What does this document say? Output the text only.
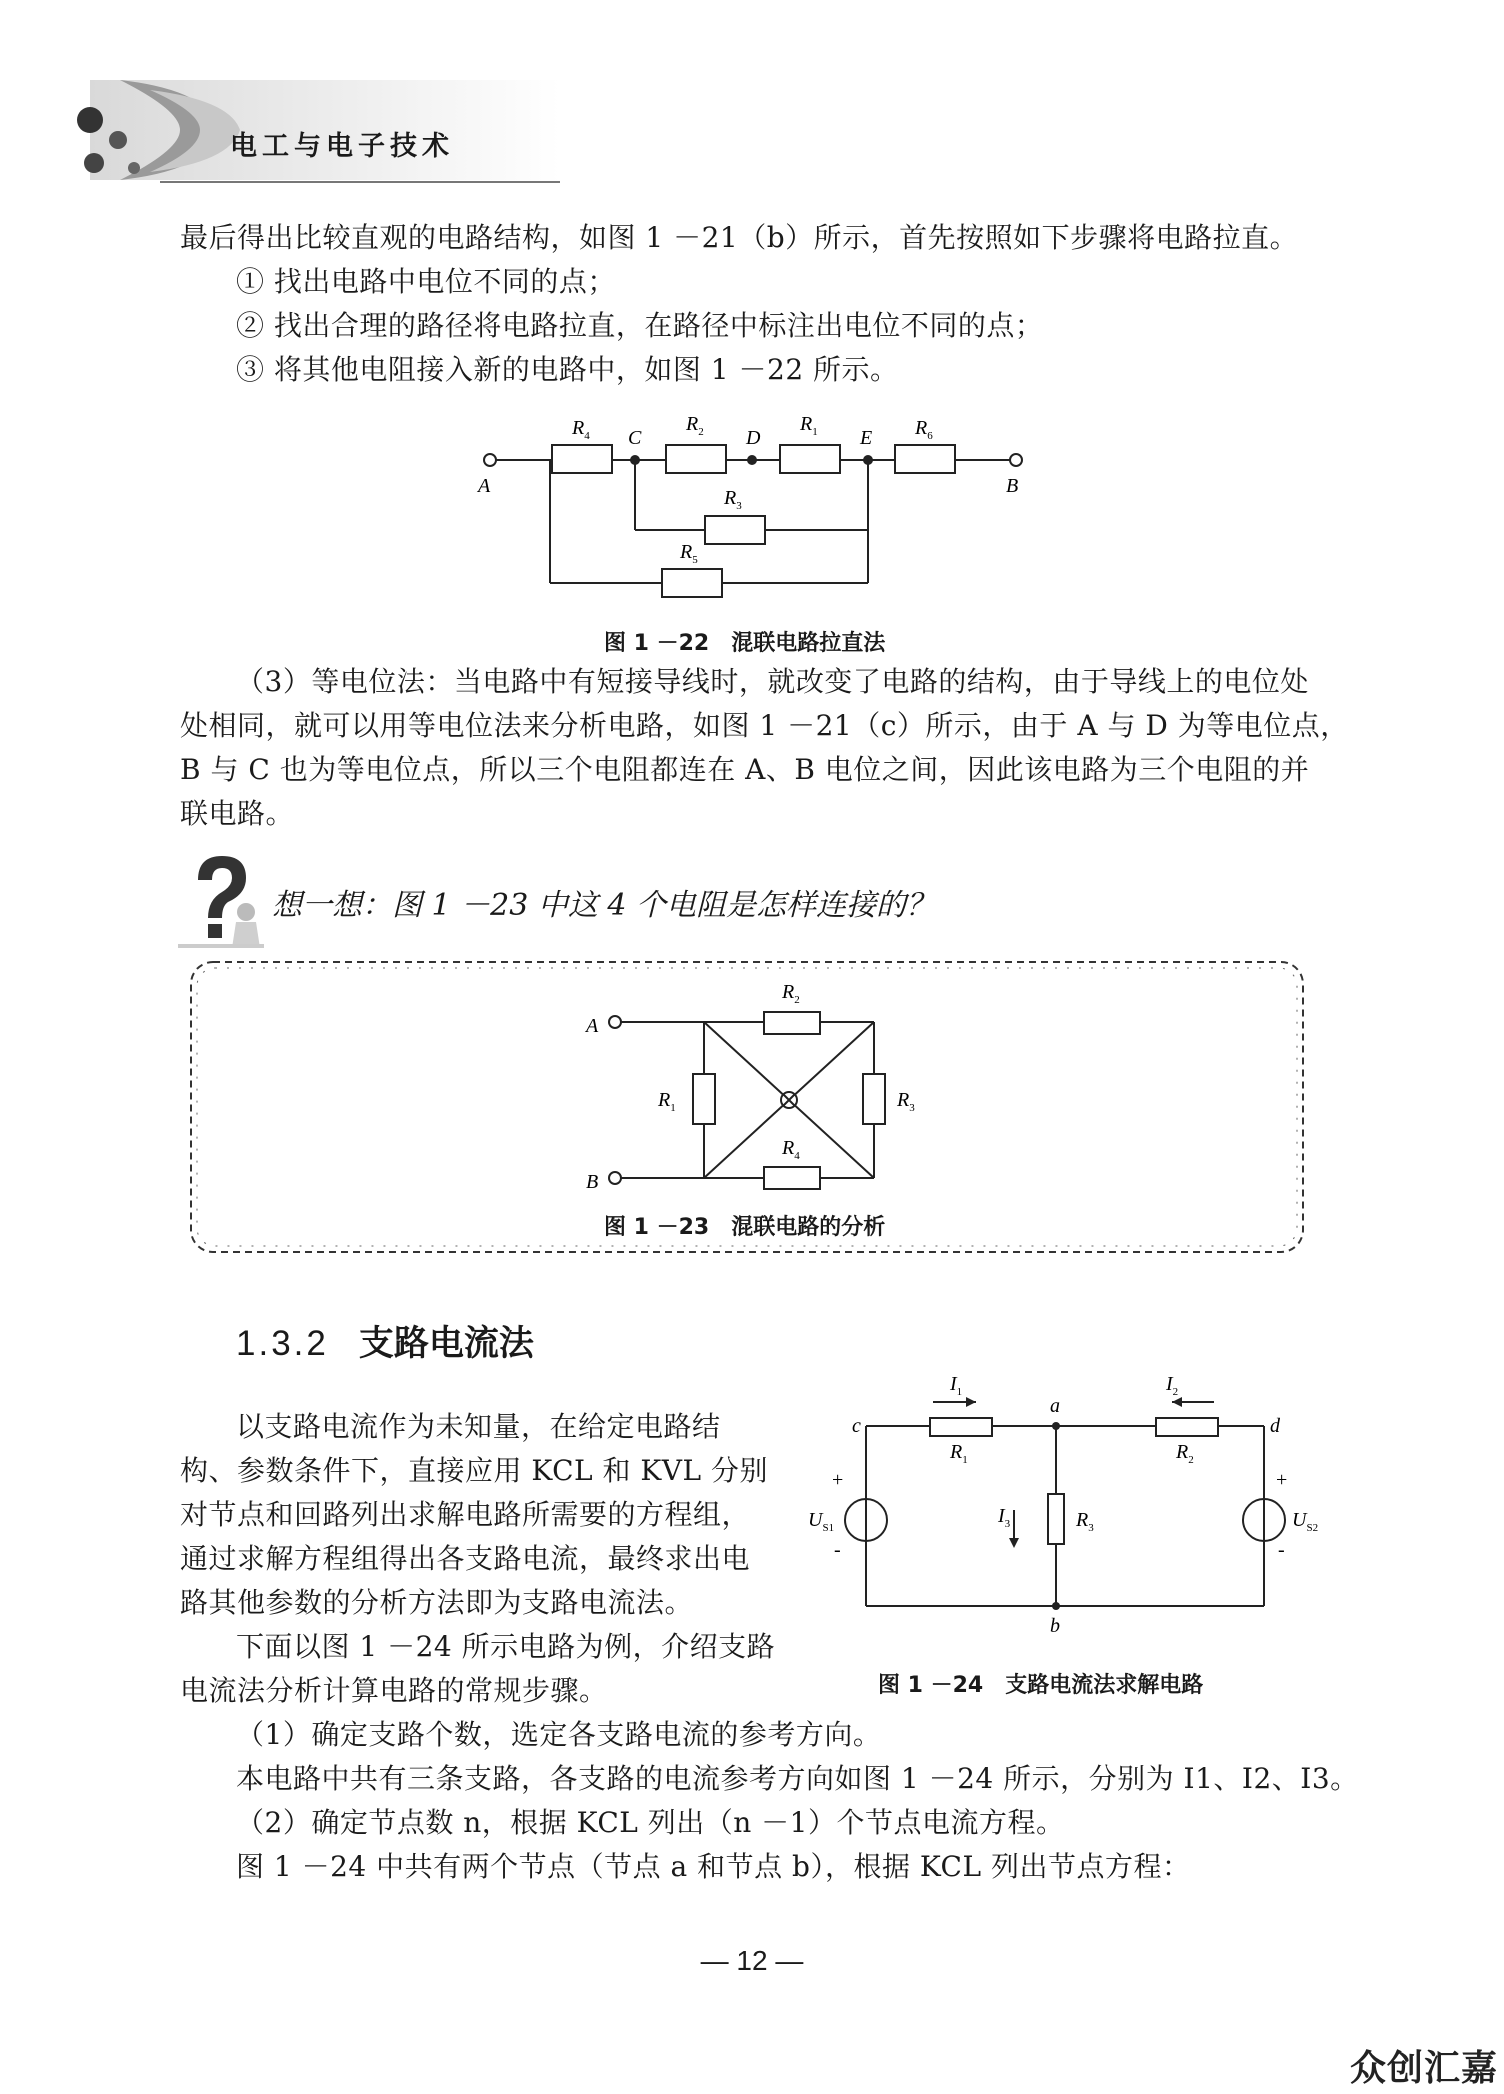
电工与电子技术

最后得出比较直观的电路结构，如图 1 －21（b）所示，首先按照如下步骤将电路拉直。

① 找出电路中电位不同的点；

② 找出合理的路径将电路拉直，在路径中标注出电位不同的点；

③ 将其他电阻接入新的电路中，如图 1 －22 所示。

A	B
C	D	E
$R_4$
$R_2$	$R_1$	$R_6$
$R_3$
$R_5$
图 1 －22 混联电路拉直法

（3）等电位法：当电路中有短接导线时，就改变了电路的结构，由于导线上的电位处

处相同，就可以用等电位法来分析电路，如图 1 －21（c）所示，由于 A 与 D 为等电位点，

B 与 C 也为等电位点，所以三个电阻都连在 A、B 电位之间，因此该电路为三个电阻的并

联电路。

想一想：图 1 －23 中这 4 个电阻是怎样连接的？
A
B
$R_2$
$R_1$	$R_3$
$R_4$
图 1 －23 混联电路的分析
1.3.2 支路电流法

以支路电流作为未知量，在给定电路结

构、参数条件下，直接应用 KCL 和 KVL 分别

对节点和回路列出求解电路所需要的方程组，

通过求解方程组得出各支路电流，最终求出电

路其他参数的分析方法即为支路电流法。

下面以图 1 －24 所示电路为例，介绍支路

电流法分析计算电路的常规步骤。

$I_1$	$I_2$
$I_3$
$R_1$	$R_2$
$R_3$
a
b
c	d
+
-
+
-
$U_{S1}$	$U_{S2}$
图 1 －24 支路电流法求解电路

（1）确定支路个数，选定各支路电流的参考方向。

本电路中共有三条支路，各支路的电流参考方向如图 1 －24 所示，分别为 I1、I2、I3。

（2）确定节点数 n，根据 KCL 列出（n －1）个节点电流方程。

图 1 －24 中共有两个节点（节点 a 和节点 b），根据 KCL 列出节点方程：

— 12 —
众创汇嘉
